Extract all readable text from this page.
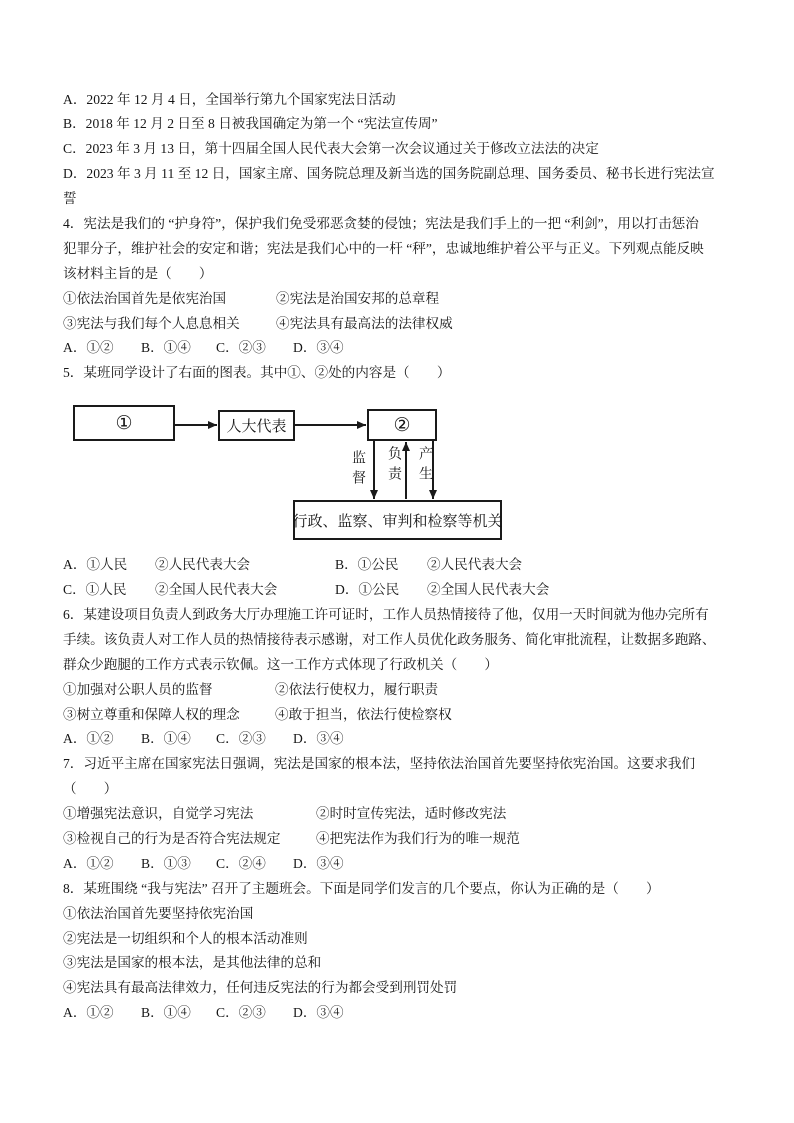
A．2022 年 12 月 4 日，全国举行第九个国家宪法日活动
B．2018 年 12 月 2 日至 8 日被我国确定为第一个 “宪法宣传周”
C．2023 年 3 月 13 日，第十四届全国人民代表大会第一次会议通过关于修改立法法的决定
D．2023 年 3 月 11 至 12 日，国家主席、国务院总理及新当选的国务院副总理、国务委员、秘书长进行宪法宣
誓
4．宪法是我们的 “护身符”，保护我们免受邪恶贪婪的侵蚀；宪法是我们手上的一把 “利剑”，用以打击惩治
犯罪分子，维护社会的安定和谐；宪法是我们心中的一杆 “秤”，忠诚地维护着公平与正义。下列观点能反映
该材料主旨的是（　　）
①依法治国首先是依宪治国	②宪法是治国安邦的总章程
③宪法与我们每个人息息相关	④宪法具有最高法的法律权威
A．①② B．①④ C．②③ D．③④
5．某班同学设计了右面的图表。其中①、②处的内容是（　　）
①	人大代表	②
监督 负责 产生
行政、监察、审判和检察等机关
A．①人民 ②人民代表大会	B．①公民 ②人民代表大会
C．①人民 ②全国人民代表大会	D．①公民 ②全国人民代表大会
6．某建设项目负责人到政务大厅办理施工许可证时，工作人员热情接待了他，仅用一天时间就为他办完所有
手续。该负责人对工作人员的热情接待表示感谢，对工作人员优化政务服务、简化审批流程，让数据多跑路、
群众少跑腿的工作方式表示钦佩。这一工作方式体现了行政机关（　　）
①加强对公职人员的监督	②依法行使权力，履行职责
③树立尊重和保障人权的理念	④敢于担当，依法行使检察权
A．①② B．①④ C．②③ D．③④
7．习近平主席在国家宪法日强调，宪法是国家的根本法，坚持依法治国首先要坚持依宪治国。这要求我们
（　　）
①增强宪法意识，自觉学习宪法	②时时宣传宪法，适时修改宪法
③检视自己的行为是否符合宪法规定	④把宪法作为我们行为的唯一规范
A．①② B．①③ C．②④ D．③④
8．某班围绕 “我与宪法” 召开了主题班会。下面是同学们发言的几个要点，你认为正确的是（　　）
①依法治国首先要坚持依宪治国
②宪法是一切组织和个人的根本活动准则
③宪法是国家的根本法，是其他法律的总和
④宪法具有最高法律效力，任何违反宪法的行为都会受到刑罚处罚
A．①② B．①④ C．②③ D．③④
